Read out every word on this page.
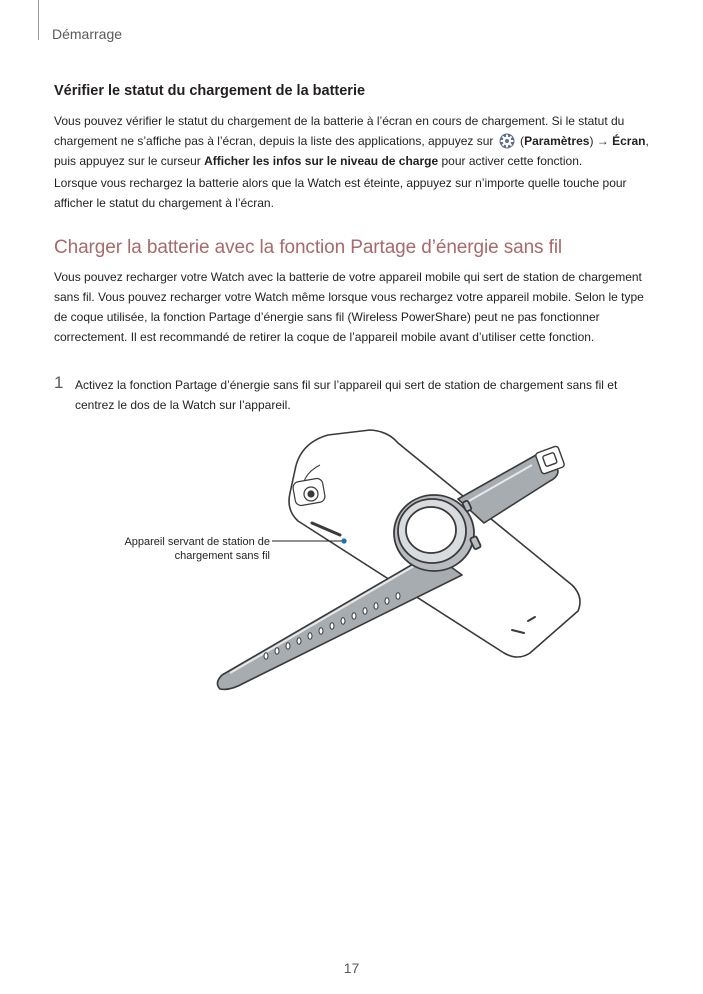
Démarrage
Vérifier le statut du chargement de la batterie

Vous pouvez vérifier le statut du chargement de la batterie à l’écran en cours de chargement. Si le statut du chargement ne s’affiche pas à l’écran, depuis la liste des applications, appuyez sur  (Paramètres) → Écran, puis appuyez sur le curseur Afficher les infos sur le niveau de charge pour activer cette fonction.

Lorsque vous rechargez la batterie alors que la Watch est éteinte, appuyez sur n’importe quelle touche pour afficher le statut du chargement à l’écran.

Charger la batterie avec la fonction Partage d’énergie sans fil

Vous pouvez recharger votre Watch avec la batterie de votre appareil mobile qui sert de station de chargement sans fil. Vous pouvez recharger votre Watch même lorsque vous rechargez votre appareil mobile. Selon le type de coque utilisée, la fonction Partage d’énergie sans fil (Wireless PowerShare) peut ne pas fonctionner correctement. Il est recommandé de retirer la coque de l’appareil mobile avant d’utiliser cette fonction.

1 Activez la fonction Partage d’énergie sans fil sur l’appareil qui sert de station de chargement sans fil et centrez le dos de la Watch sur l’appareil.

Appareil servant de station de
chargement sans fil
17
